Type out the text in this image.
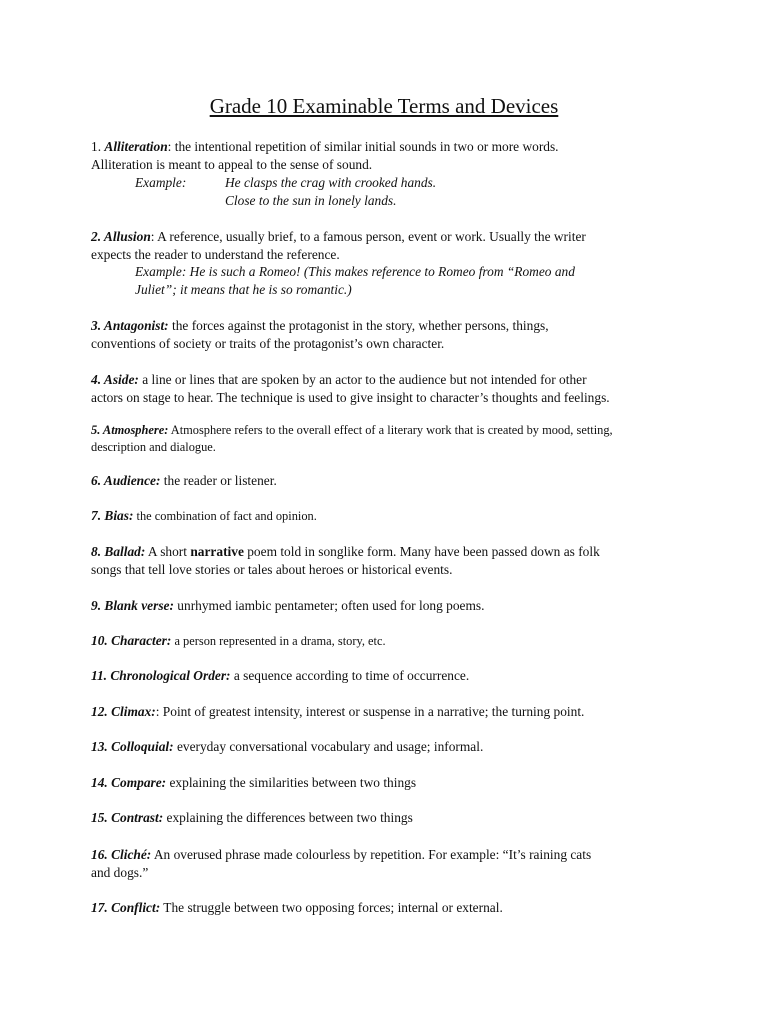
Grade 10 Examinable Terms and Devices
1. Alliteration: the intentional repetition of similar initial sounds in two or more words.
Alliteration is meant to appeal to the sense of sound.
Example:	He clasps the crag with crooked hands.
Close to the sun in lonely lands.
2. Allusion: A reference, usually brief, to a famous person, event or work. Usually the writer
expects the reader to understand the reference.
Example: He is such a Romeo! (This makes reference to Romeo from “Romeo and
Juliet”; it means that he is so romantic.)
3. Antagonist: the forces against the protagonist in the story, whether persons, things,
conventions of society or traits of the protagonist’s own character.
4. Aside: a line or lines that are spoken by an actor to the audience but not intended for other
actors on stage to hear. The technique is used to give insight to character’s thoughts and feelings.
5. Atmosphere: Atmosphere refers to the overall effect of a literary work that is created by mood, setting,
description and dialogue.
6. Audience: the reader or listener.
7. Bias: the combination of fact and opinion.
8. Ballad: A short narrative poem told in songlike form. Many have been passed down as folk
songs that tell love stories or tales about heroes or historical events.
9. Blank verse: unrhymed iambic pentameter; often used for long poems.
10. Character: a person represented in a drama, story, etc.
11. Chronological Order: a sequence according to time of occurrence.
12. Climax:: Point of greatest intensity, interest or suspense in a narrative; the turning point.
13. Colloquial: everyday conversational vocabulary and usage; informal.
14. Compare: explaining the similarities between two things
15. Contrast: explaining the differences between two things
16. Cliché: An overused phrase made colourless by repetition. For example: “It’s raining cats
and dogs.”
17. Conflict: The struggle between two opposing forces; internal or external.
